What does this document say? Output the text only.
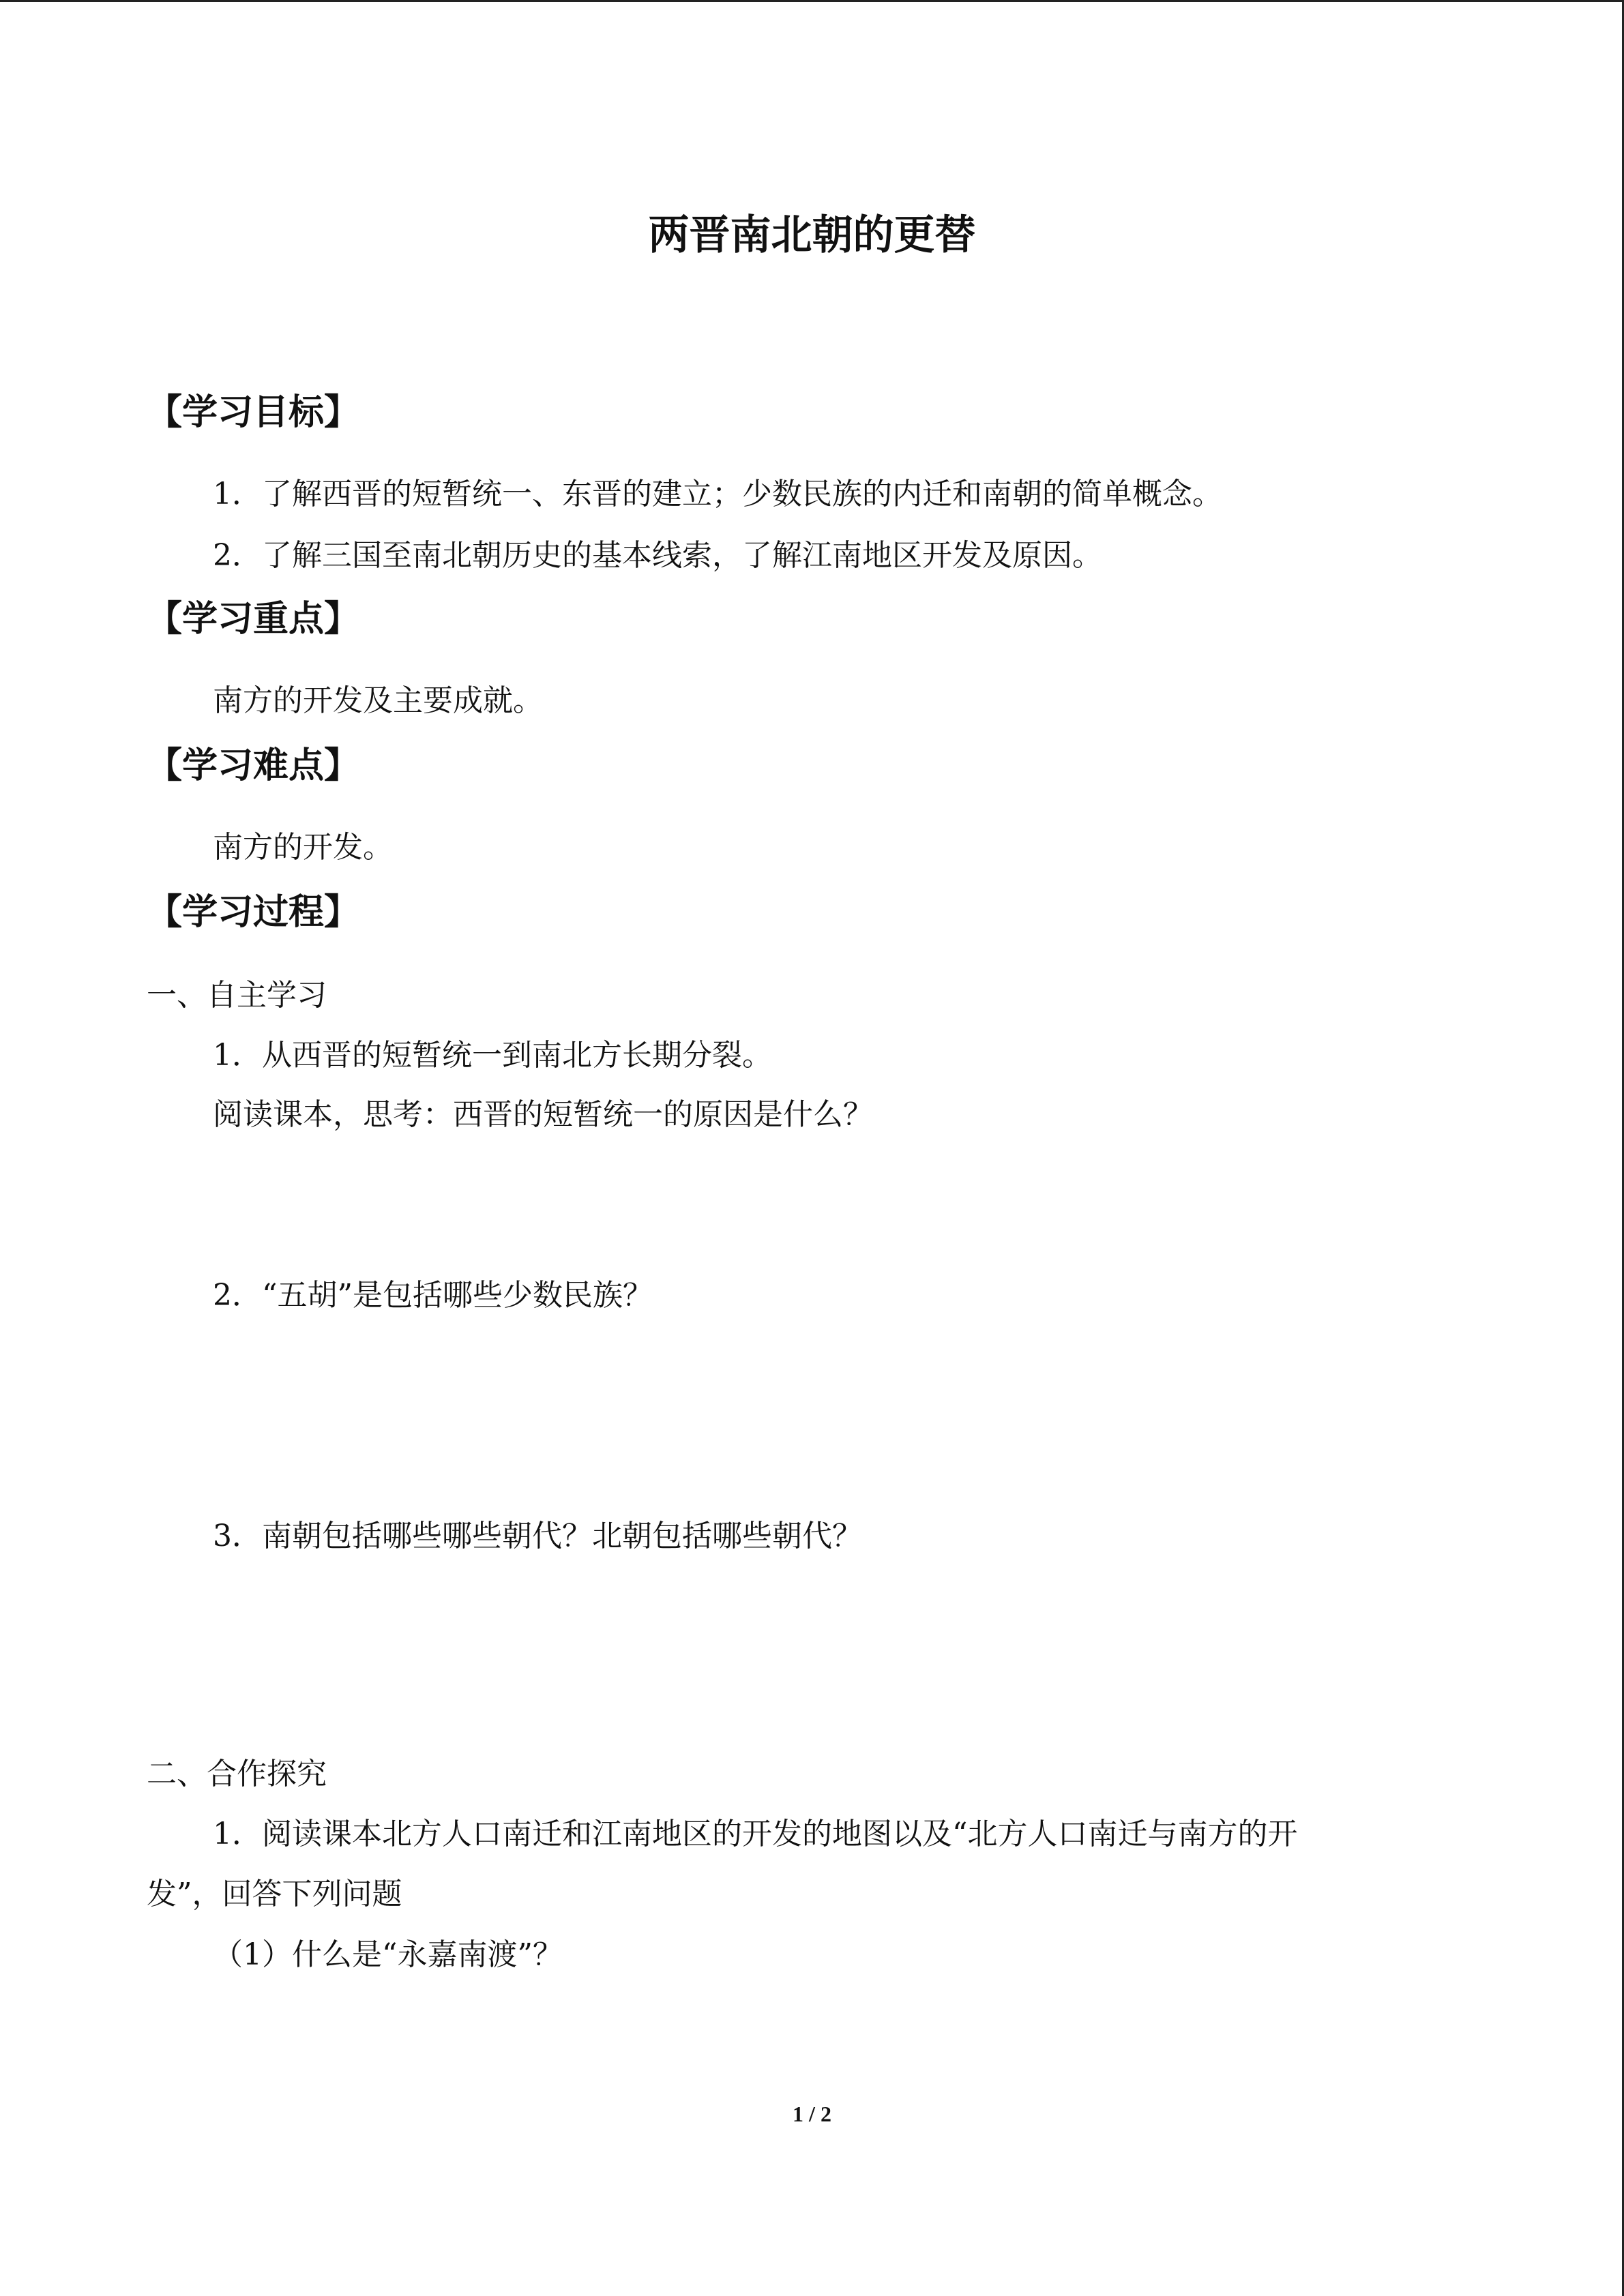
两晋南北朝的更替
【学习目标】

1．了解西晋的短暂统一、东晋的建立；少数民族的内迁和南朝的简单概念。

2．了解三国至南北朝历史的基本线索，了解江南地区开发及原因。

【学习重点】

南方的开发及主要成就。

【学习难点】

南方的开发。

【学习过程】

一、自主学习

1．从西晋的短暂统一到南北方长期分裂。

阅读课本，思考：西晋的短暂统一的原因是什么？

2．“五胡”是包括哪些少数民族？

3．南朝包括哪些哪些朝代？北朝包括哪些朝代？

二、合作探究

1．阅读课本北方人口南迁和江南地区的开发的地图以及“北方人口南迁与南方的开

发”，回答下列问题

（1）什么是“永嘉南渡”？

1 / 2
